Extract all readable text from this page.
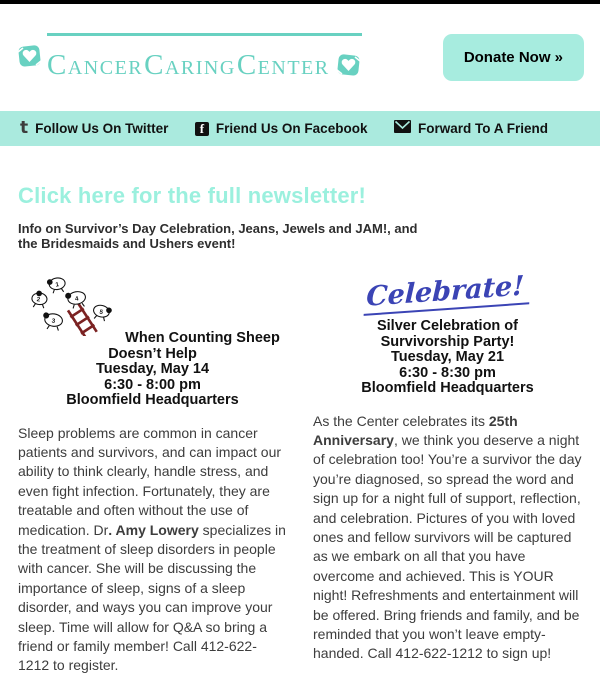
CANCERCARINGCENTER	Donate Now »
t Follow Us On Twitter	f Friend Us On Facebook	Forward To A Friend
Click here for the full newsletter!
Info on Survivor’s Day Celebration, Jeans, Jewels and JAM!, and
the Bridesmaids and Ushers event!
1
2	4
3
5
When Counting Sheep
Doesn’t Help
Tuesday, May 14
6:30 - 8:00 pm
Bloomfield Headquarters

Sleep problems are common in cancer patients and survivors, and can impact our ability to think clearly, handle stress, and even fight infection. Fortunately, they are treatable and often without the use of medication. Dr. Amy Lowery specializes in the treatment of sleep disorders in people with cancer. She will be discussing the importance of sleep, signs of a sleep disorder, and ways you can improve your sleep. Time will allow for Q&A so bring a friend or family member! Call 412-622-1212 to register.

Celebrate!
Silver Celebration of
Survivorship Party!
Tuesday, May 21
6:30 - 8:30 pm
Bloomfield Headquarters

As the Center celebrates its 25th Anniversary, we think you deserve a night of celebration too! You’re a survivor the day you’re diagnosed, so spread the word and sign up for a night full of support, reflection, and celebration. Pictures of you with loved ones and fellow survivors will be captured as we embark on all that you have overcome and achieved. This is YOUR night! Refreshments and entertainment will be offered. Bring friends and family, and be reminded that you won’t leave empty-handed. Call 412-622-1212 to sign up!
